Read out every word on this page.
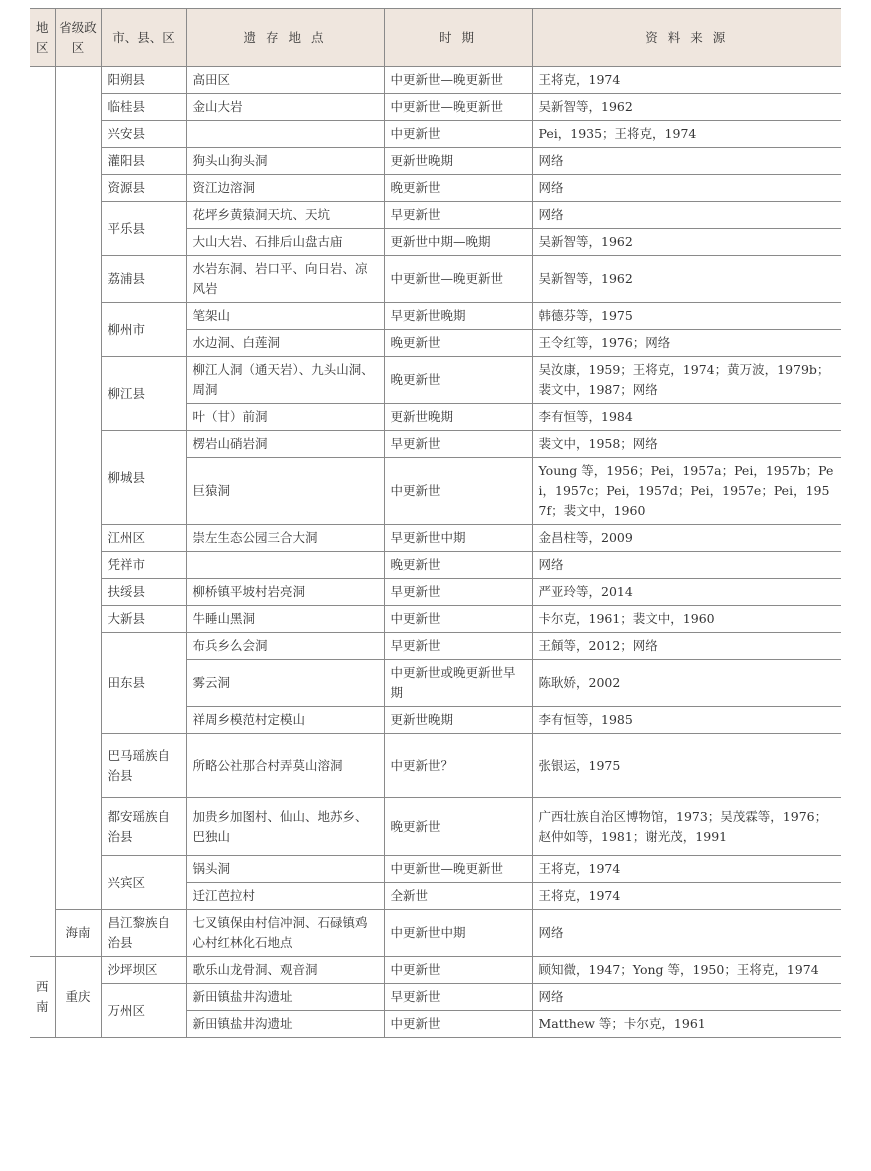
地区	省级政区	市、县、区	遗 存 地 点	时 期	资 料 来 源
		阳朔县	高田区	中更新世—晚更新世	王将克，1974
		临桂县	金山大岩	中更新世—晚更新世	吴新智等，1962
		兴安县		中更新世	Pei，1935；王将克，1974
		灌阳县	狗头山狗头洞	更新世晚期	网络
		资源县	资江边溶洞	晚更新世	网络
		平乐县	花坪乡黄猿洞天坑、天坑	早更新世	网络
			大山大岩、石排后山盘古庙	更新世中期—晚期	吴新智等，1962
		荔浦县	水岩东洞、岩口平、向日岩、凉风岩	中更新世—晚更新世	吴新智等，1962
		柳州市	笔架山	早更新世晚期	韩德芬等，1975
			水边洞、白莲洞	晚更新世	王令红等，1976；网络
		柳江县	柳江人洞（通天岩）、九头山洞、周洞	晚更新世	吴汝康，1959；王将克，1974；黄万波，1979b；裴文中，1987；网络
			叶（甘）前洞	更新世晚期	李有恒等，1984
		柳城县	楞岩山硝岩洞	早更新世	裴文中，1958；网络
			巨猿洞	中更新世	Young 等，1956；Pei，1957a；Pei，1957b；Pei，1957c；Pei，1957d；Pei，1957e；Pei，1957f；裴文中，1960
		江州区	崇左生态公园三合大洞	早更新世中期	金昌柱等，2009
		凭祥市		晚更新世	网络
		扶绥县	柳桥镇平坡村岩亮洞	早更新世	严亚玲等，2014
		大新县	牛睡山黑洞	中更新世	卡尔克，1961；裴文中，1960
		田东县	布兵乡么会洞	早更新世	王頠等，2012；网络
			雾云洞	中更新世或晚更新世早期	陈耿娇，2002
			祥周乡模范村定模山	更新世晚期	李有恒等，1985
		巴马瑶族自治县	所略公社那合村弄莫山溶洞	中更新世？	张银运，1975
		都安瑶族自治县	加贵乡加图村、仙山、地苏乡、巴独山	晚更新世	广西壮族自治区博物馆，1973；吴茂霖等，1976；赵仲如等，1981；谢光茂，1991
		兴宾区	锅头洞	中更新世—晚更新世	王将克，1974
			迁江芭拉村	全新世	王将克，1974
	海南	昌江黎族自治县	七叉镇保由村信冲洞、石碌镇鸡心村红林化石地点	中更新世中期	网络
西南	重庆	沙坪坝区	歌乐山龙骨洞、观音洞	中更新世	顾知微，1947；Yong 等，1950；王将克，1974
		万州区	新田镇盐井沟遗址	早更新世	网络
			新田镇盐井沟遗址	中更新世	Matthew 等；卡尔克，1961
